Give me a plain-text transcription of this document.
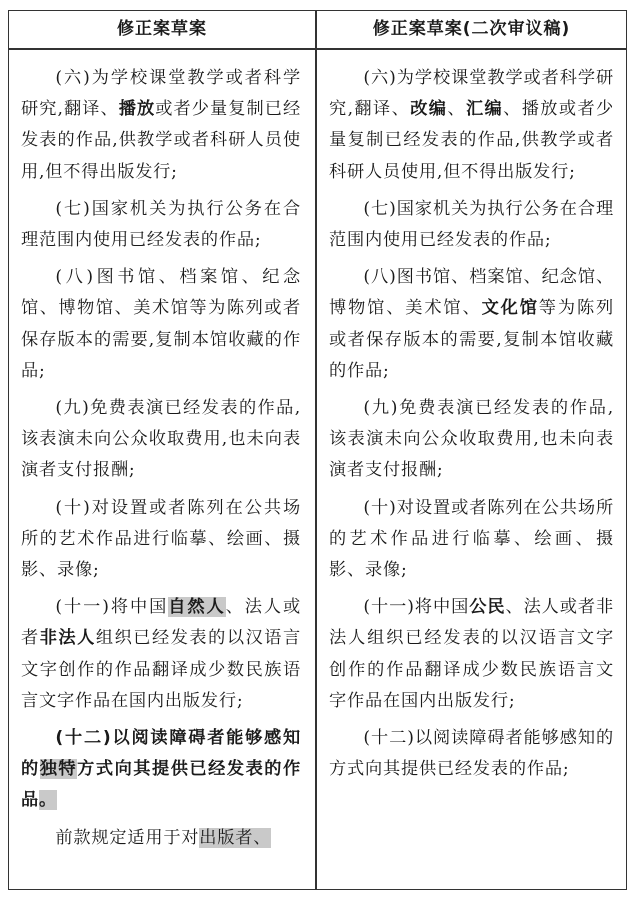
修正案草案	修正案草案(二次审议稿)

(六)为学校课堂教学或者科学研究,翻译、播放或者少量复制已经发表的作品,供教学或者科研人员使用,但不得出版发行;

(七)国家机关为执行公务在合理范围内使用已经发表的作品;

(八)图书馆、档案馆、纪念馆、博物馆、美术馆等为陈列或者保存版本的需要,复制本馆收藏的作品;

(九)免费表演已经发表的作品,该表演未向公众收取费用,也未向表演者支付报酬;

(十)对设置或者陈列在公共场所的艺术作品进行临摹、绘画、摄影、录像;

(十一)将中国自然人、法人或者非法人组织已经发表的以汉语言文字创作的作品翻译成少数民族语言文字作品在国内出版发行;

(十二)以阅读障碍者能够感知的独特方式向其提供已经发表的作品。

前款规定适用于对出版者、

(六)为学校课堂教学或者科学研究,翻译、改编、汇编、播放或者少量复制已经发表的作品,供教学或者科研人员使用,但不得出版发行;

(七)国家机关为执行公务在合理范围内使用已经发表的作品;

(八)图书馆、档案馆、纪念馆、博物馆、美术馆、文化馆等为陈列或者保存版本的需要,复制本馆收藏的作品;

(九)免费表演已经发表的作品,该表演未向公众收取费用,也未向表演者支付报酬;

(十)对设置或者陈列在公共场所的艺术作品进行临摹、绘画、摄影、录像;

(十一)将中国公民、法人或者非法人组织已经发表的以汉语言文字创作的作品翻译成少数民族语言文字作品在国内出版发行;

(十二)以阅读障碍者能够感知的方式向其提供已经发表的作品;
